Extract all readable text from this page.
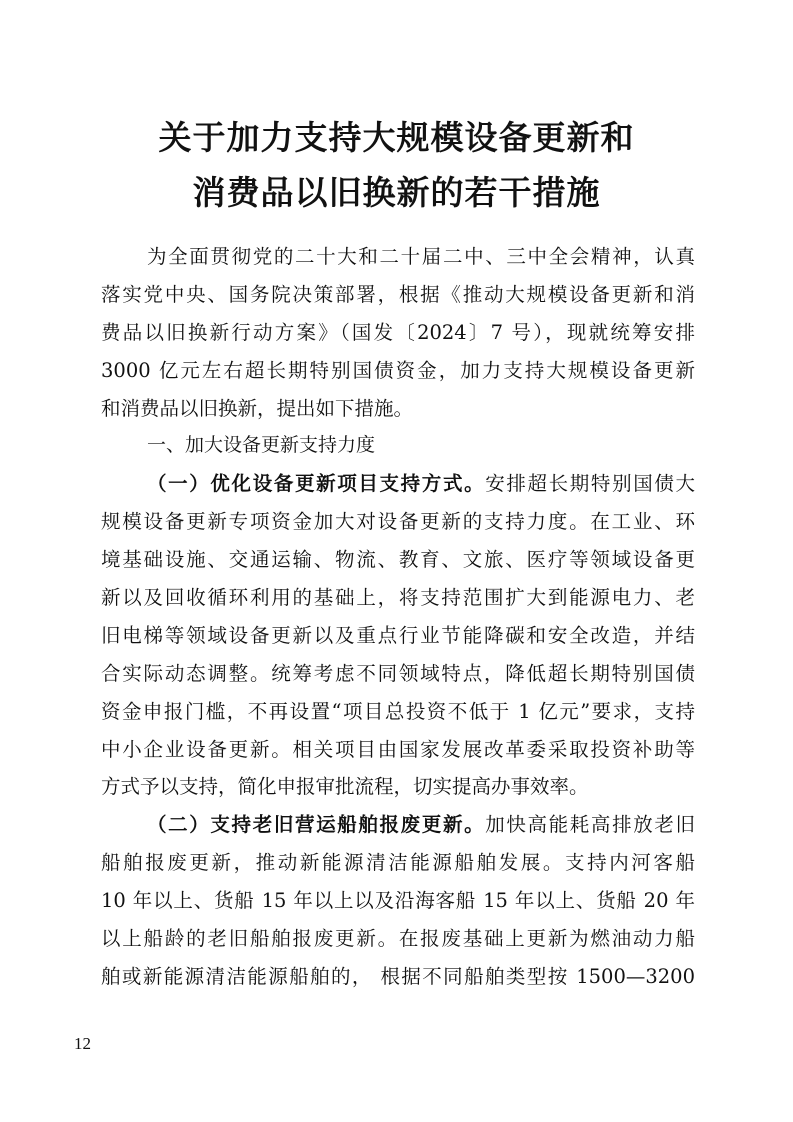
关于加力支持大规模设备更新和
消费品以旧换新的若干措施
为全面贯彻党的二十大和二十届二中、三中全会精神，认真
落实党中央、国务院决策部署，根据《推动大规模设备更新和消
费品以旧换新行动方案》（国发〔2024〕7 号），现就统筹安排
3000 亿元左右超长期特别国债资金，加力支持大规模设备更新
和消费品以旧换新，提出如下措施。
一、加大设备更新支持力度
（一）优化设备更新项目支持方式。安排超长期特别国债大
规模设备更新专项资金加大对设备更新的支持力度。在工业、环
境基础设施、交通运输、物流、教育、文旅、医疗等领域设备更
新以及回收循环利用的基础上，将支持范围扩大到能源电力、老
旧电梯等领域设备更新以及重点行业节能降碳和安全改造，并结
合实际动态调整。统筹考虑不同领域特点，降低超长期特别国债
资金申报门槛，不再设置“项目总投资不低于 1 亿元”要求，支持
中小企业设备更新。相关项目由国家发展改革委采取投资补助等
方式予以支持，简化申报审批流程，切实提高办事效率。
（二）支持老旧营运船舶报废更新。加快高能耗高排放老旧
船舶报废更新，推动新能源清洁能源船舶发展。支持内河客船
10 年以上、货船 15 年以上以及沿海客船 15 年以上、货船 20 年
以上船龄的老旧船舶报废更新。在报废基础上更新为燃油动力船
舶或新能源清洁能源船舶的， 根据不同船舶类型按 1500—3200
12
